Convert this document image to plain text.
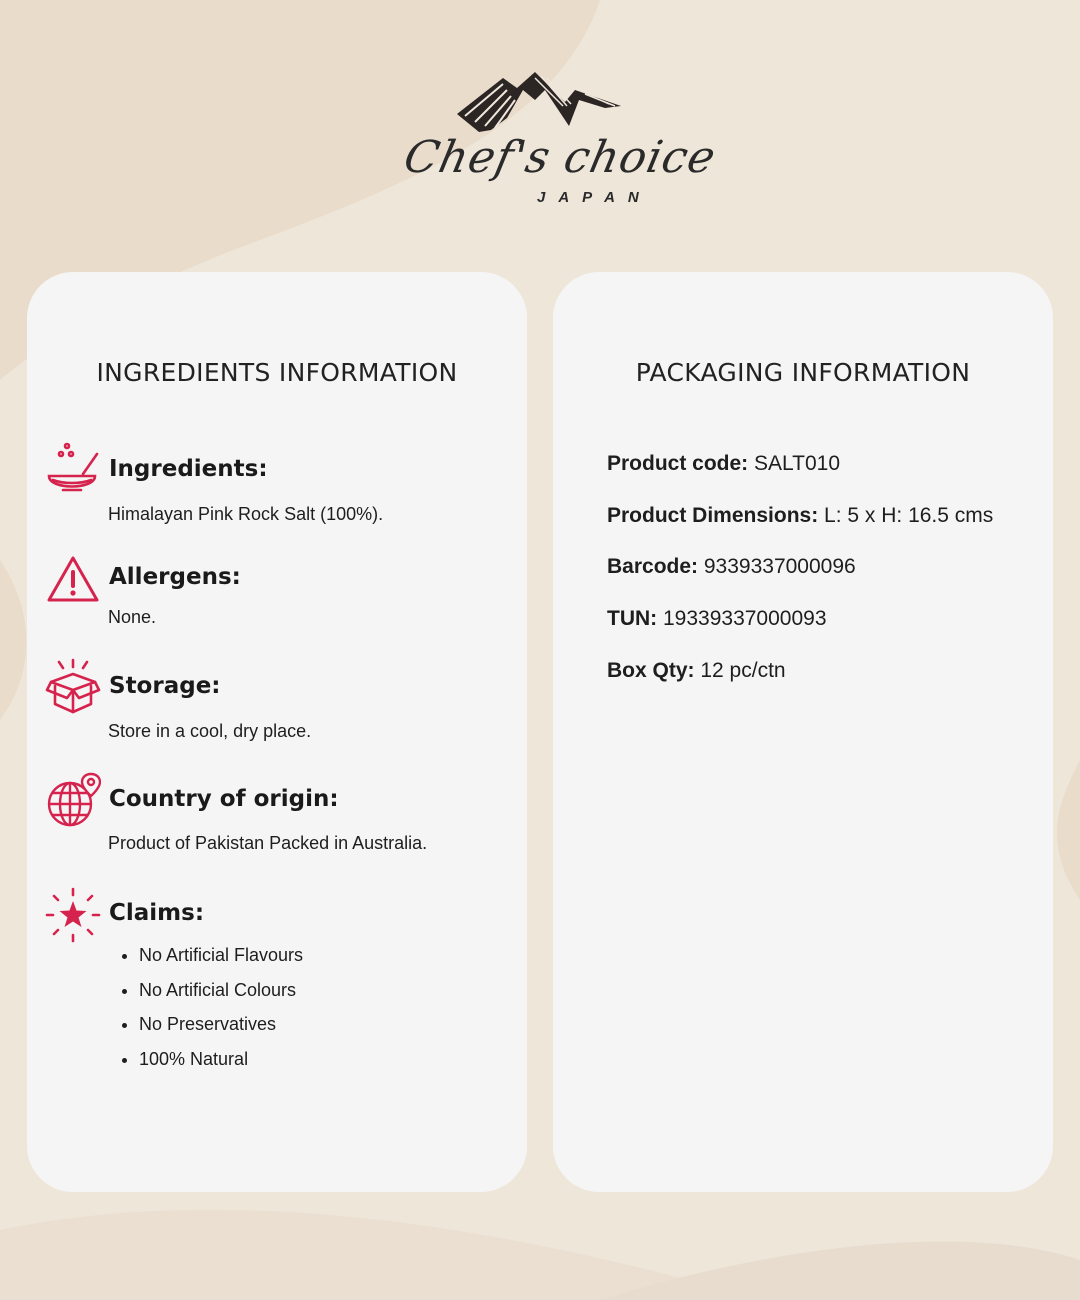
Chef's choice
JAPAN
INGREDIENTS INFORMATION
Ingredients:
Himalayan Pink Rock Salt (100%).
Allergens:
None.
Storage:
Store in a cool, dry place.
Country of origin:
Product of Pakistan Packed in Australia.
Claims:
• No Artificial Flavours
• No Artificial Colours
• No Preservatives
• 100% Natural
PACKAGING INFORMATION
Product code: SALT010
Product Dimensions: L: 5 x H: 16.5 cms
Barcode: 9339337000096
TUN: 19339337000093
Box Qty: 12 pc/ctn
